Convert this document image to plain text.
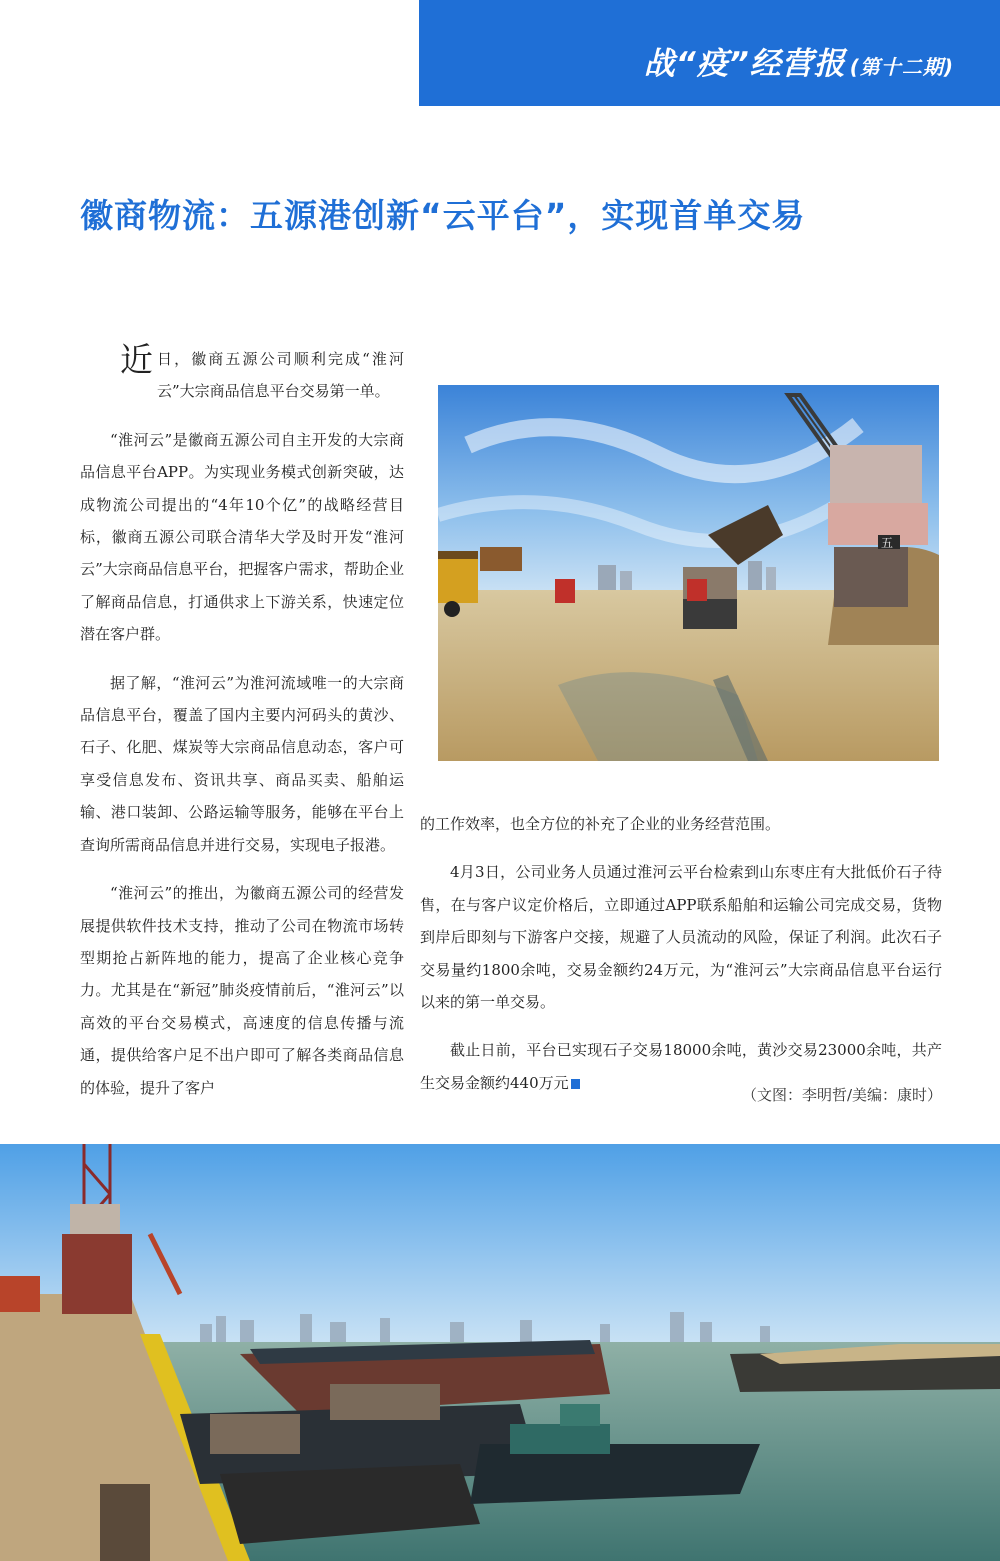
战“疫”经营报 (第十二期)
徽商物流：五源港创新“云平台”，实现首单交易

近日，徽商五源公司顺利完成“淮河云”大宗商品信息平台交易第一单。

“淮河云”是徽商五源公司自主开发的大宗商品信息平台APP。为实现业务模式创新突破，达成物流公司提出的“4年10个亿”的战略经营目标，徽商五源公司联合清华大学及时开发“淮河云”大宗商品信息平台，把握客户需求，帮助企业了解商品信息，打通供求上下游关系，快速定位潜在客户群。

据了解，“淮河云”为淮河流域唯一的大宗商品信息平台，覆盖了国内主要内河码头的黄沙、石子、化肥、煤炭等大宗商品信息动态，客户可享受信息发布、资讯共享、商品买卖、船舶运输、港口装卸、公路运输等服务，能够在平台上查询所需商品信息并进行交易，实现电子报港。

“淮河云”的推出，为徽商五源公司的经营发展提供软件技术支持，推动了公司在物流市场转型期抢占新阵地的能力，提高了企业核心竞争力。尤其是在“新冠”肺炎疫情前后，“淮河云”以高效的平台交易模式，高速度的信息传播与流通，提供给客户足不出户即可了解各类商品信息的体验，提升了客户

五

的工作效率，也全方位的补充了企业的业务经营范围。

4月3日，公司业务人员通过淮河云平台检索到山东枣庄有大批低价石子待售，在与客户议定价格后，立即通过APP联系船舶和运输公司完成交易，货物到岸后即刻与下游客户交接，规避了人员流动的风险，保证了利润。此次石子交易量约1800余吨，交易金额约24万元，为“淮河云”大宗商品信息平台运行以来的第一单交易。

截止日前，平台已实现石子交易18000余吨，黄沙交易23000余吨，共产生交易金额约440万元

（文图：李明哲/美编：康时）
